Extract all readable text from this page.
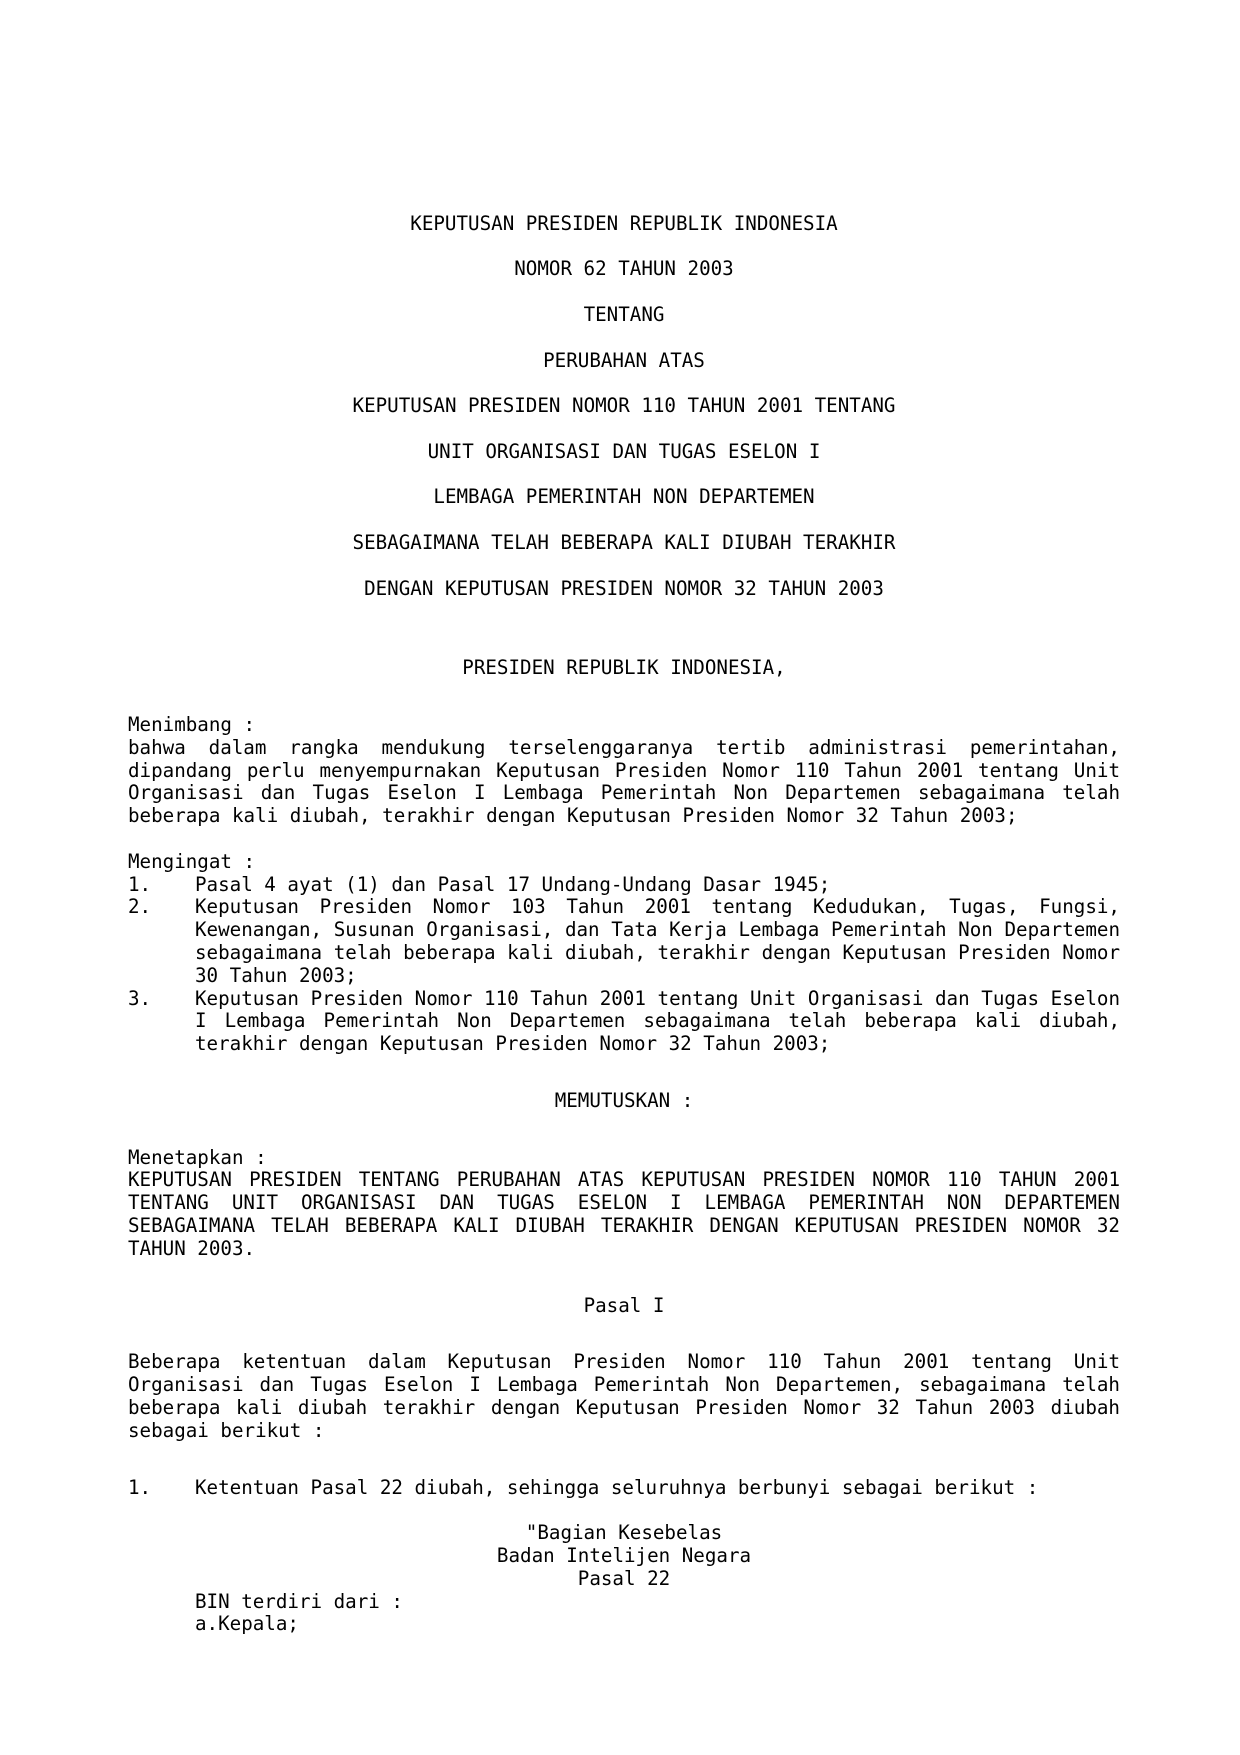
KEPUTUSAN PRESIDEN REPUBLIK INDONESIA

NOMOR 62 TAHUN 2003

TENTANG

PERUBAHAN ATAS

KEPUTUSAN PRESIDEN NOMOR 110 TAHUN 2001 TENTANG

UNIT ORGANISASI DAN TUGAS ESELON I

LEMBAGA PEMERINTAH NON DEPARTEMEN

SEBAGAIMANA TELAH BEBERAPA KALI DIUBAH TERAKHIR

DENGAN KEPUTUSAN PRESIDEN NOMOR 32 TAHUN 2003

PRESIDEN REPUBLIK INDONESIA,
Menimbang :
bahwa dalam rangka mendukung terselenggaranya tertib administrasi pemerintahan, dipandang perlu menyempurnakan Keputusan Presiden Nomor 110 Tahun 2001 tentang Unit Organisasi dan Tugas Eselon I Lembaga Pemerintah Non Departemen sebagaimana telah beberapa kali diubah, terakhir dengan Keputusan Presiden Nomor 32 Tahun 2003;
Mengingat :
1.	Pasal 4 ayat (1) dan Pasal 17 Undang-Undang Dasar 1945;
2.	Keputusan Presiden Nomor 103 Tahun 2001 tentang Kedudukan, Tugas, Fungsi, Kewenangan, Susunan Organisasi, dan Tata Kerja Lembaga Pemerintah Non Departemen sebagaimana telah beberapa kali diubah, terakhir dengan Keputusan Presiden Nomor 30 Tahun 2003;
3.	Keputusan Presiden Nomor 110 Tahun 2001 tentang Unit Organisasi dan Tugas Eselon I Lembaga Pemerintah Non Departemen sebagaimana telah beberapa kali diubah, terakhir dengan Keputusan Presiden Nomor 32 Tahun 2003;
MEMUTUSKAN :
Menetapkan :
KEPUTUSAN PRESIDEN TENTANG PERUBAHAN ATAS KEPUTUSAN PRESIDEN NOMOR 110 TAHUN 2001 TENTANG UNIT ORGANISASI DAN TUGAS ESELON I LEMBAGA PEMERINTAH NON DEPARTEMEN SEBAGAIMANA TELAH BEBERAPA KALI DIUBAH TERAKHIR DENGAN KEPUTUSAN PRESIDEN NOMOR 32 TAHUN 2003.
Pasal I
Beberapa ketentuan dalam Keputusan Presiden Nomor 110 Tahun 2001 tentang Unit Organisasi dan Tugas Eselon I Lembaga Pemerintah Non Departemen, sebagaimana telah beberapa kali diubah terakhir dengan Keputusan Presiden Nomor 32 Tahun 2003 diubah sebagai berikut :
1.	Ketentuan Pasal 22 diubah, sehingga seluruhnya berbunyi sebagai berikut :
"Bagian Kesebelas
Badan Intelijen Negara
Pasal 22
BIN terdiri dari :
a.Kepala;
